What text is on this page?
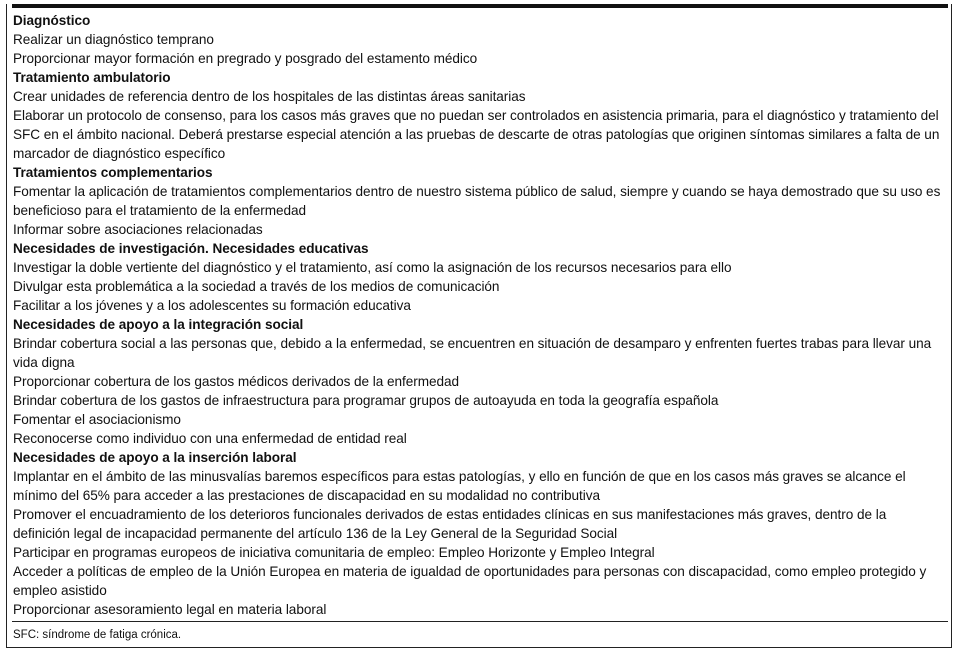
Diagnóstico
Realizar un diagnóstico temprano
Proporcionar mayor formación en pregrado y posgrado del estamento médico
Tratamiento ambulatorio
Crear unidades de referencia dentro de los hospitales de las distintas áreas sanitarias
Elaborar un protocolo de consenso, para los casos más graves que no puedan ser controlados en asistencia primaria, para el diagnóstico y tratamiento del SFC en el ámbito nacional. Deberá prestarse especial atención a las pruebas de descarte de otras patologías que originen síntomas similares a falta de un marcador de diagnóstico específico
Tratamientos complementarios
Fomentar la aplicación de tratamientos complementarios dentro de nuestro sistema público de salud, siempre y cuando se haya demostrado que su uso es beneficioso para el tratamiento de la enfermedad
Informar sobre asociaciones relacionadas
Necesidades de investigación. Necesidades educativas
Investigar la doble vertiente del diagnóstico y el tratamiento, así como la asignación de los recursos necesarios para ello
Divulgar esta problemática a la sociedad a través de los medios de comunicación
Facilitar a los jóvenes y a los adolescentes su formación educativa
Necesidades de apoyo a la integración social
Brindar cobertura social a las personas que, debido a la enfermedad, se encuentren en situación de desamparo y enfrenten fuertes trabas para llevar una vida digna
Proporcionar cobertura de los gastos médicos derivados de la enfermedad
Brindar cobertura de los gastos de infraestructura para programar grupos de autoayuda en toda la geografía española
Fomentar el asociacionismo
Reconocerse como individuo con una enfermedad de entidad real
Necesidades de apoyo a la inserción laboral
Implantar en el ámbito de las minusvalías baremos específicos para estas patologías, y ello en función de que en los casos más graves se alcance el mínimo del 65% para acceder a las prestaciones de discapacidad en su modalidad no contributiva
Promover el encuadramiento de los deterioros funcionales derivados de estas entidades clínicas en sus manifestaciones más graves, dentro de la definición legal de incapacidad permanente del artículo 136 de la Ley General de la Seguridad Social
Participar en programas europeos de iniciativa comunitaria de empleo: Empleo Horizonte y Empleo Integral
Acceder a políticas de empleo de la Unión Europea en materia de igualdad de oportunidades para personas con discapacidad, como empleo protegido y empleo asistido
Proporcionar asesoramiento legal en materia laboral
SFC: síndrome de fatiga crónica.
